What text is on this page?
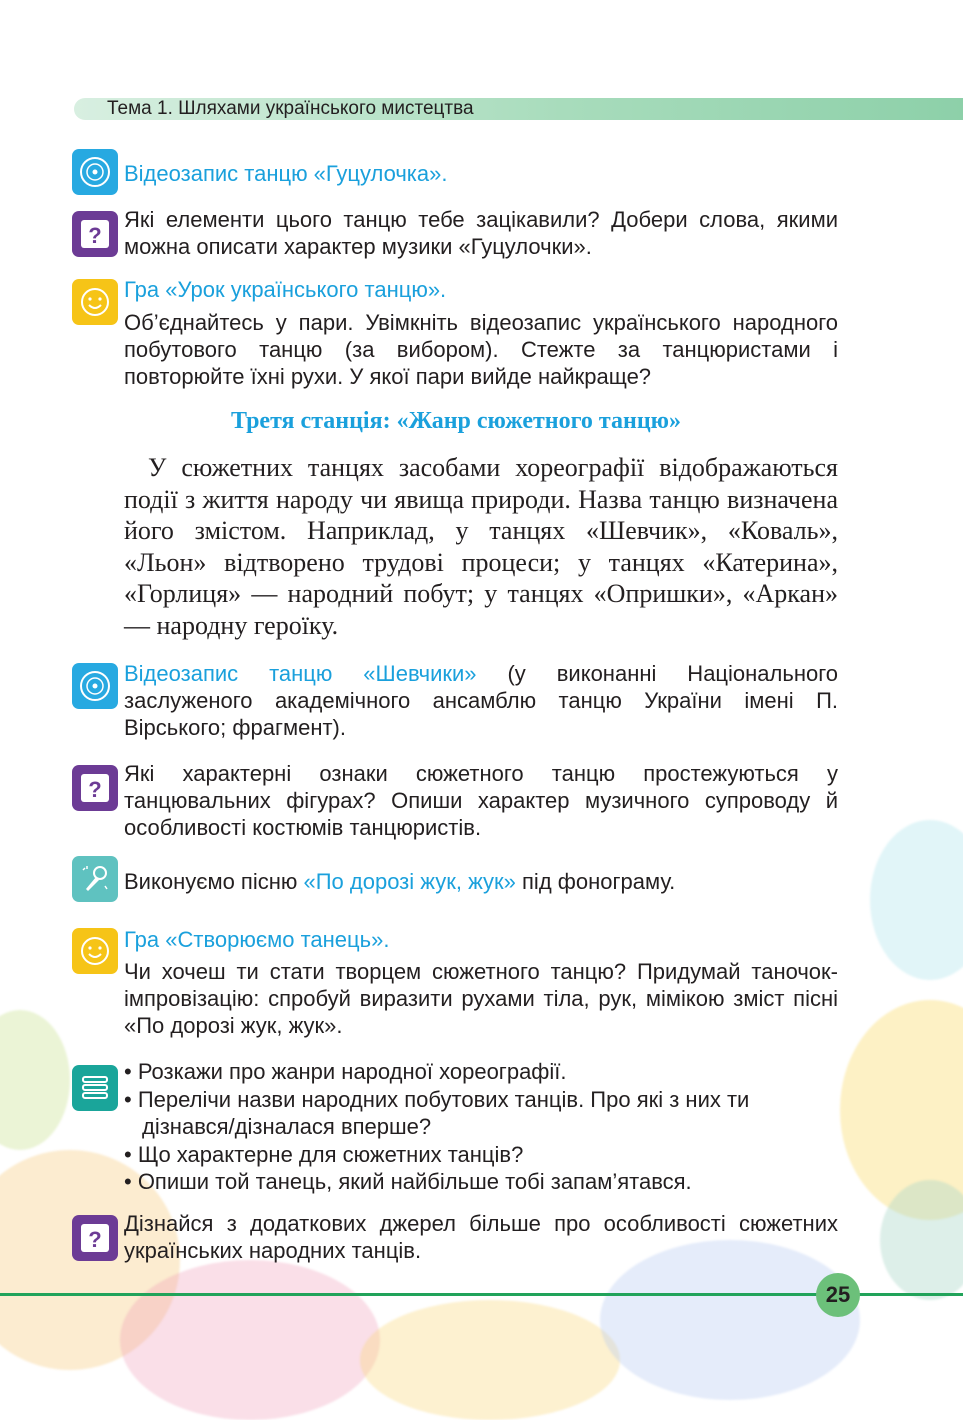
Тема 1. Шляхами українського мистецтва
Відеозапис танцю «Гуцулочка».
?
Які елементи цього танцю тебе зацікавили? Добери слова, якими можна описати характер музики «Гуцулочки».
Гра «Урок українського танцю».
Об’єднайтесь у пари. Увімкніть відеозапис українського народного побутового танцю (за вибором). Стежте за танцюристами і повторюйте їхні рухи. У якої пари вийде найкраще?
Третя станція: «Жанр сюжетного танцю»
У сюжетних танцях засобами хореографії відображаються події з життя народу чи явища природи. Назва танцю визначена його змістом. Наприклад, у танцях «Шевчик», «Коваль», «Льон» відтворено трудові процеси; у танцях «Катерина», «Горлиця» — народний побут; у танцях «Опришки», «Аркан» — народну героїку.
Відеозапис танцю «Шевчики» (у виконанні Національного заслуженого академічного ансамблю танцю України імені П. Вірського; фрагмент).
?
Які характерні ознаки сюжетного танцю простежуються у танцювальних фігурах? Опиши характер музичного супроводу й особливості костюмів танцюристів.
Виконуємо пісню «По дорозі жук, жук» під фонограму.
Гра «Створюємо танець».
Чи хочеш ти стати творцем сюжетного танцю? Придумай таночок-імпровізацію: спробуй виразити рухами тіла, рук, мімікою зміст пісні «По дорозі жук, жук».
• Розкажи про жанри народної хореографії.
• Перелічи назви народних побутових танців. Про які з них ти дізнався/дізналася вперше?
• Що характерне для сюжетних танців?
• Опиши той танець, який найбільше тобі запам’ятався.
?
Дізнайся з додаткових джерел більше про особливості сюжетних українських народних танців.
25
